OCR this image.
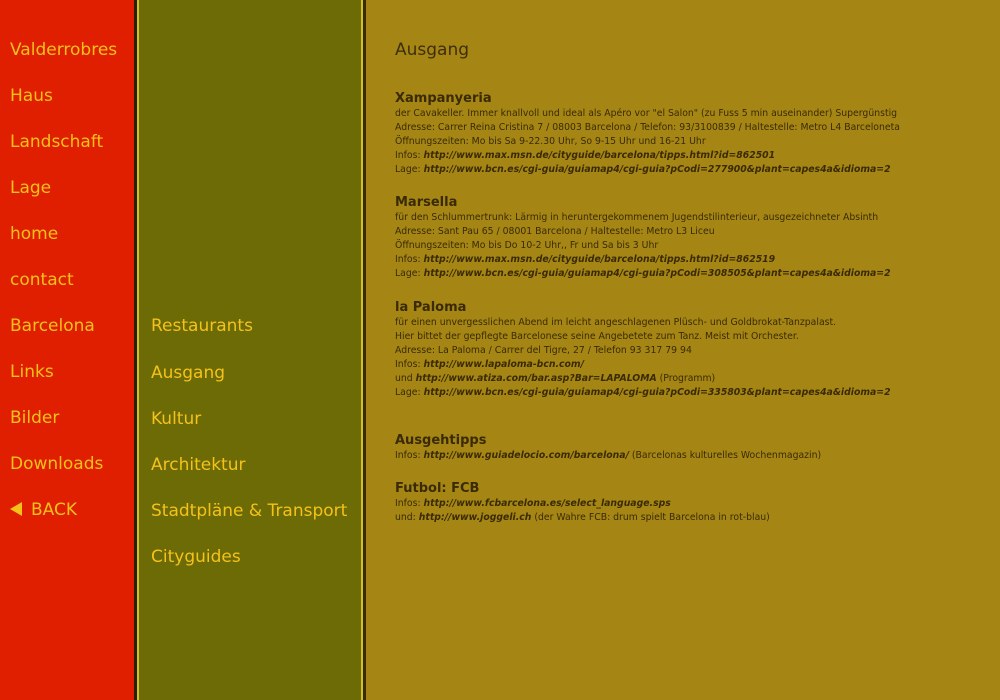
Valderrobres
Haus
Landschaft
Lage
home
contact
Barcelona
Links
Bilder
Downloads
BACK
Restaurants
Ausgang
Kultur
Architektur
Stadtpläne & Transport
Cityguides
Ausgang
Xampanyeria
der Cavakeller. Immer knallvoll und ideal als Apéro vor "el Salon" (zu Fuss 5 min auseinander) Supergünstig
Adresse: Carrer Reina Cristina 7 / 08003 Barcelona / Telefon: 93/3100839 / Haltestelle: Metro L4 Barceloneta
Öffnungszeiten: Mo bis Sa 9-22.30 Uhr, So 9-15 Uhr und 16-21 Uhr
Infos: http://www.max.msn.de/cityguide/barcelona/tipps.html?id=862501
Lage: http://www.bcn.es/cgi-guia/guiamap4/cgi-guia?pCodi=277900&plant=capes4a&idioma=2
Marsella
für den Schlummertrunk: Lärmig in heruntergekommenem Jugendstilinterieur, ausgezeichneter Absinth
Adresse: Sant Pau 65 / 08001 Barcelona / Haltestelle: Metro L3 Liceu
Öffnungszeiten: Mo bis Do 10-2 Uhr,, Fr und Sa bis 3 Uhr
Infos: http://www.max.msn.de/cityguide/barcelona/tipps.html?id=862519
Lage: http://www.bcn.es/cgi-guia/guiamap4/cgi-guia?pCodi=308505&plant=capes4a&idioma=2
la Paloma
für einen unvergesslichen Abend im leicht angeschlagenen Plüsch- und Goldbrokat-Tanzpalast.
Hier bittet der gepflegte Barcelonese seine Angebetete zum Tanz. Meist mit Orchester.
Adresse: La Paloma / Carrer del Tigre, 27 / Telefon 93 317 79 94
Infos: http://www.lapaloma-bcn.com/
und http://www.atiza.com/bar.asp?Bar=LAPALOMA (Programm)
Lage: http://www.bcn.es/cgi-guia/guiamap4/cgi-guia?pCodi=335803&plant=capes4a&idioma=2
Ausgehtipps
Infos: http://www.guiadelocio.com/barcelona/ (Barcelonas kulturelles Wochenmagazin)
Futbol: FCB
Infos: http://www.fcbarcelona.es/select_language.sps
und: http://www.joggeli.ch (der Wahre FCB: drum spielt Barcelona in rot-blau)
